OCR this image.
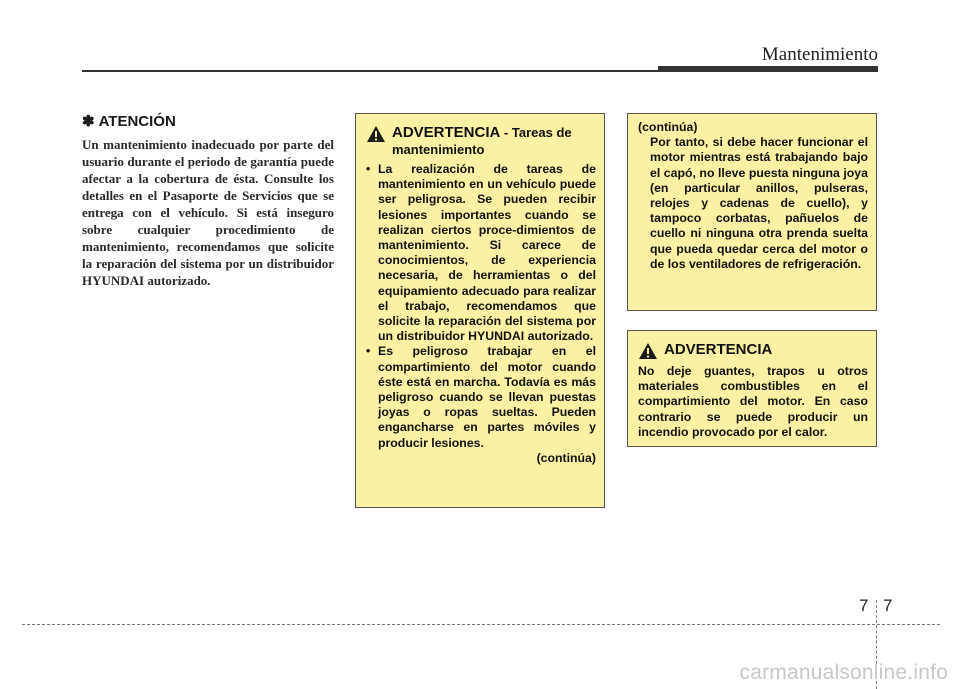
Mantenimiento
✽ ATENCIÓN

Un mantenimiento inadecuado por parte del usuario durante el periodo de garantía puede afectar a la cobertura de ésta. Consulte los detalles en el Pasaporte de Servicios que se entrega con el vehículo. Si está inseguro sobre cualquier procedimiento de mantenimiento, recomendamos que solicite la reparación del sistema por un distribuidor HYUNDAI autorizado.

ADVERTENCIA - Tareas de mantenimiento
• La realización de tareas de mantenimiento en un vehículo puede ser peligrosa. Se pueden recibir lesiones importantes cuando se realizan ciertos proce-dimientos de mantenimiento. Si carece de conocimientos, de experiencia necesaria, de herramientas o del equipamiento adecuado para realizar el trabajo, recomendamos que solicite la reparación del sistema por un distribuidor HYUNDAI autorizado.
• Es peligroso trabajar en el compartimiento del motor cuando éste está en marcha. Todavía es más peligroso cuando se llevan puestas joyas o ropas sueltas. Pueden engancharse en partes móviles y producir lesiones.
(continúa)
(continúa)
Por tanto, si debe hacer funcionar el motor mientras está trabajando bajo el capó, no lleve puesta ninguna joya (en particular anillos, pulseras, relojes y cadenas de cuello), y tampoco corbatas, pañuelos de cuello ni ninguna otra prenda suelta que pueda quedar cerca del motor o de los ventiladores de refrigeración.
ADVERTENCIA
No deje guantes, trapos u otros materiales combustibles en el compartimiento del motor. En caso contrario se puede producir un incendio provocado por el calor.
7 7
carmanualsonline.info
